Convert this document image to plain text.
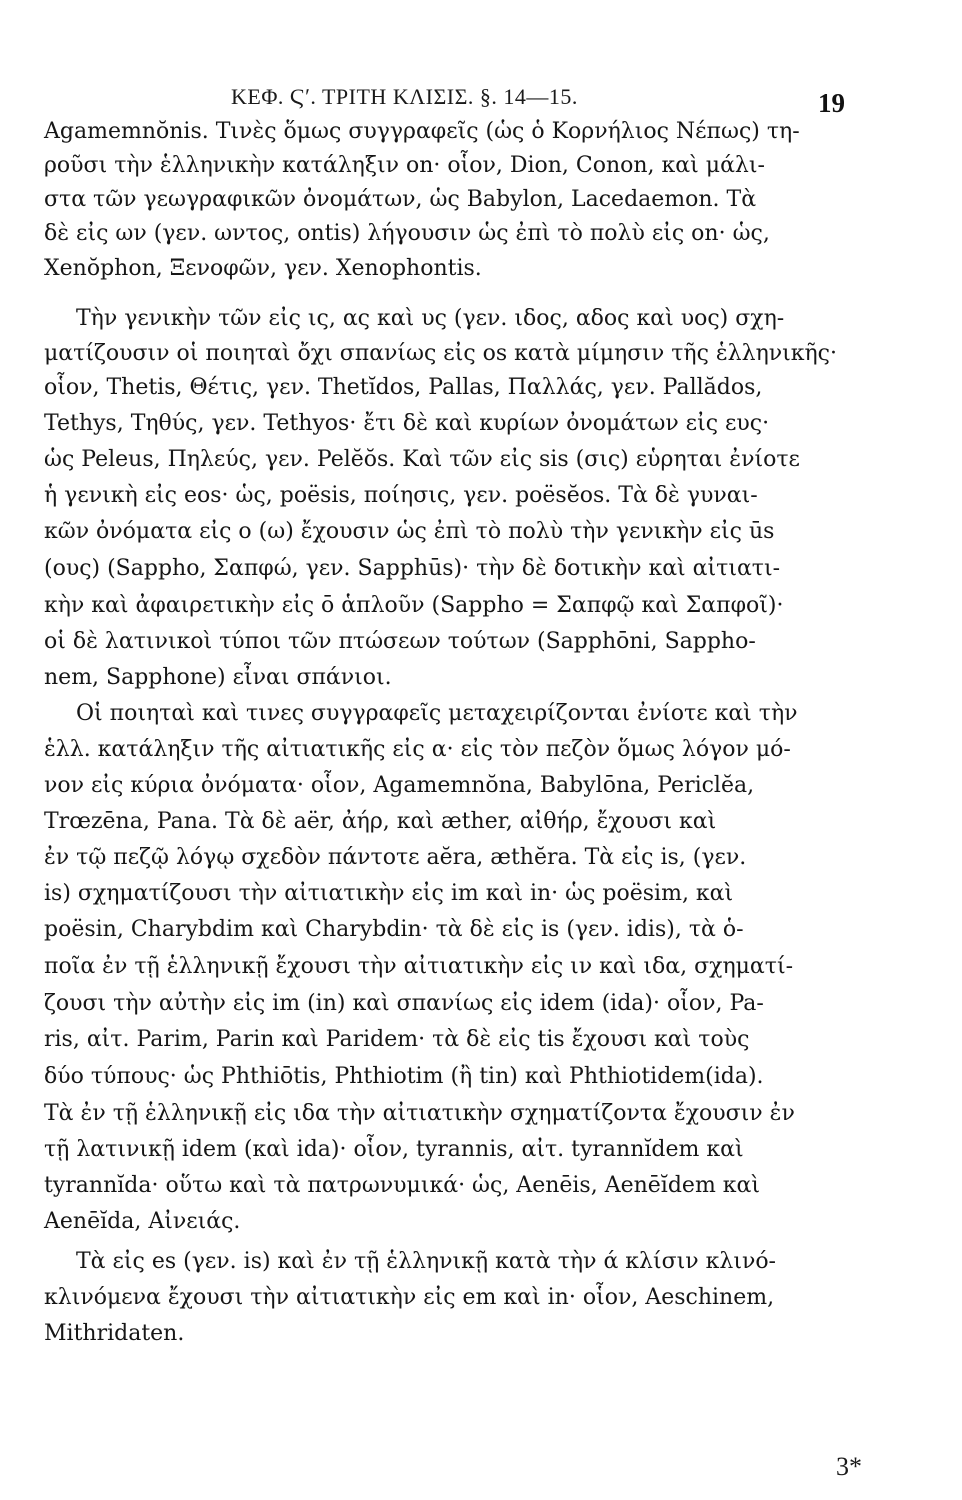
ΚΕΦ. Ϛʹ. ΤΡΙΤΗ ΚΛΙΣΙΣ. §. 14—15.	19
Agamemnŏnis. Τινὲς ὅμως συγγραφεῖς (ὡς ὁ Κορνήλιος Νέπως) τη-
ροῦσι τὴν ἑλληνικὴν κατάληξιν on· οἷον, Dion, Conon, καὶ μάλι-
στα τῶν γεωγραφικῶν ὀνομάτων, ὡς Babylon, Lacedaemon. Τὰ
δὲ εἰς ων (γεν. ωντος, ontis) λήγουσιν ὡς ἐπὶ τὸ πολὺ εἰς on· ὡς,
Xenŏphon, Ξενοφῶν, γεν. Xenophontis.
Τὴν γενικὴν τῶν εἰς ις, ας καὶ υς (γεν. ιδος, αδος καὶ υος) σχη-
ματίζουσιν οἱ ποιηταὶ ὄχι σπανίως εἰς os κατὰ μίμησιν τῆς ἑλληνικῆς·
οἷον, Thetis, Θέτις, γεν. Thetĭdos, Pallas, Παλλάς, γεν. Pallădos,
Tethys, Τηθύς, γεν. Tethyos· ἔτι δὲ καὶ κυρίων ὀνομάτων εἰς ευς·
ὡς Peleus, Πηλεύς, γεν. Pelĕŏs. Καὶ τῶν εἰς sis (σις) εὑρηται ἐνίοτε
ἡ γενικὴ εἰς eos· ὡς, poësis, ποίησις, γεν. poësĕos. Τὰ δὲ γυναι-
κῶν ὀνόματα εἰς o (ω) ἔχουσιν ὡς ἐπὶ τὸ πολὺ τὴν γενικὴν εἰς ūs
(ους) (Sappho, Σαπφώ, γεν. Sapphūs)· τὴν δὲ δοτικὴν καὶ αἰτιατι-
κὴν καὶ ἀφαιρετικὴν εἰς ō ἁπλοῦν (Sappho = Σαπφῷ καὶ Σαπφοῖ)·
οἱ δὲ λατινικοὶ τύποι τῶν πτώσεων τούτων (Sapphōni, Sappho-
nem, Sapphone) εἶναι σπάνιοι.
Οἱ ποιηταὶ καὶ τινες συγγραφεῖς μεταχειρίζονται ἐνίοτε καὶ τὴν
ἑλλ. κατάληξιν τῆς αἰτιατικῆς εἰς α· εἰς τὸν πεζὸν ὅμως λόγον μό-
νον εἰς κύρια ὀνόματα· οἷον, Agamemnŏna, Babylōna, Periclĕa,
Trœzēna, Pana. Τὰ δὲ aër, ἀήρ, καὶ æther, αἰθήρ, ἔχουσι καὶ
ἐν τῷ πεζῷ λόγῳ σχεδὸν πάντοτε aĕra, æthĕra. Τὰ εἰς is, (γεν.
is) σχηματίζουσι τὴν αἰτιατικὴν εἰς im καὶ in· ὡς poësim, καὶ
poësin, Charybdim καὶ Charybdin· τὰ δὲ εἰς is (γεν. idis), τὰ ὁ-
ποῖα ἐν τῇ ἑλληνικῇ ἔχουσι τὴν αἰτιατικὴν εἰς ιν καὶ ιδα, σχηματί-
ζουσι τὴν αὐτὴν εἰς im (in) καὶ σπανίως εἰς idem (ida)· οἷον, Pa-
ris, αἰτ. Parim, Parin καὶ Paridem· τὰ δὲ εἰς tis ἔχουσι καὶ τοὺς
δύο τύπους· ὡς Phthiōtis, Phthiotim (ἢ tin) καὶ Phthiotidem(ida).
Τὰ ἐν τῇ ἑλληνικῇ εἰς ιδα τὴν αἰτιατικὴν σχηματίζοντα ἔχουσιν ἐν
τῇ λατινικῇ idem (καὶ ida)· οἷον, tyrannis, αἰτ. tyrannĭdem καὶ
tyrannĭda· οὕτω καὶ τὰ πατρωνυμικά· ὡς, Aenēis, Aenēĭdem καὶ
Aenēĭda, Αἰνειάς.
Τὰ εἰς es (γεν. is) καὶ ἐν τῇ ἑλληνικῇ κατὰ τὴν ά κλίσιν κλινό-
κλινόμενα ἔχουσι τὴν αἰτιατικὴν εἰς em καὶ in· οἷον, Aeschinem,
Mithridaten.
3*
